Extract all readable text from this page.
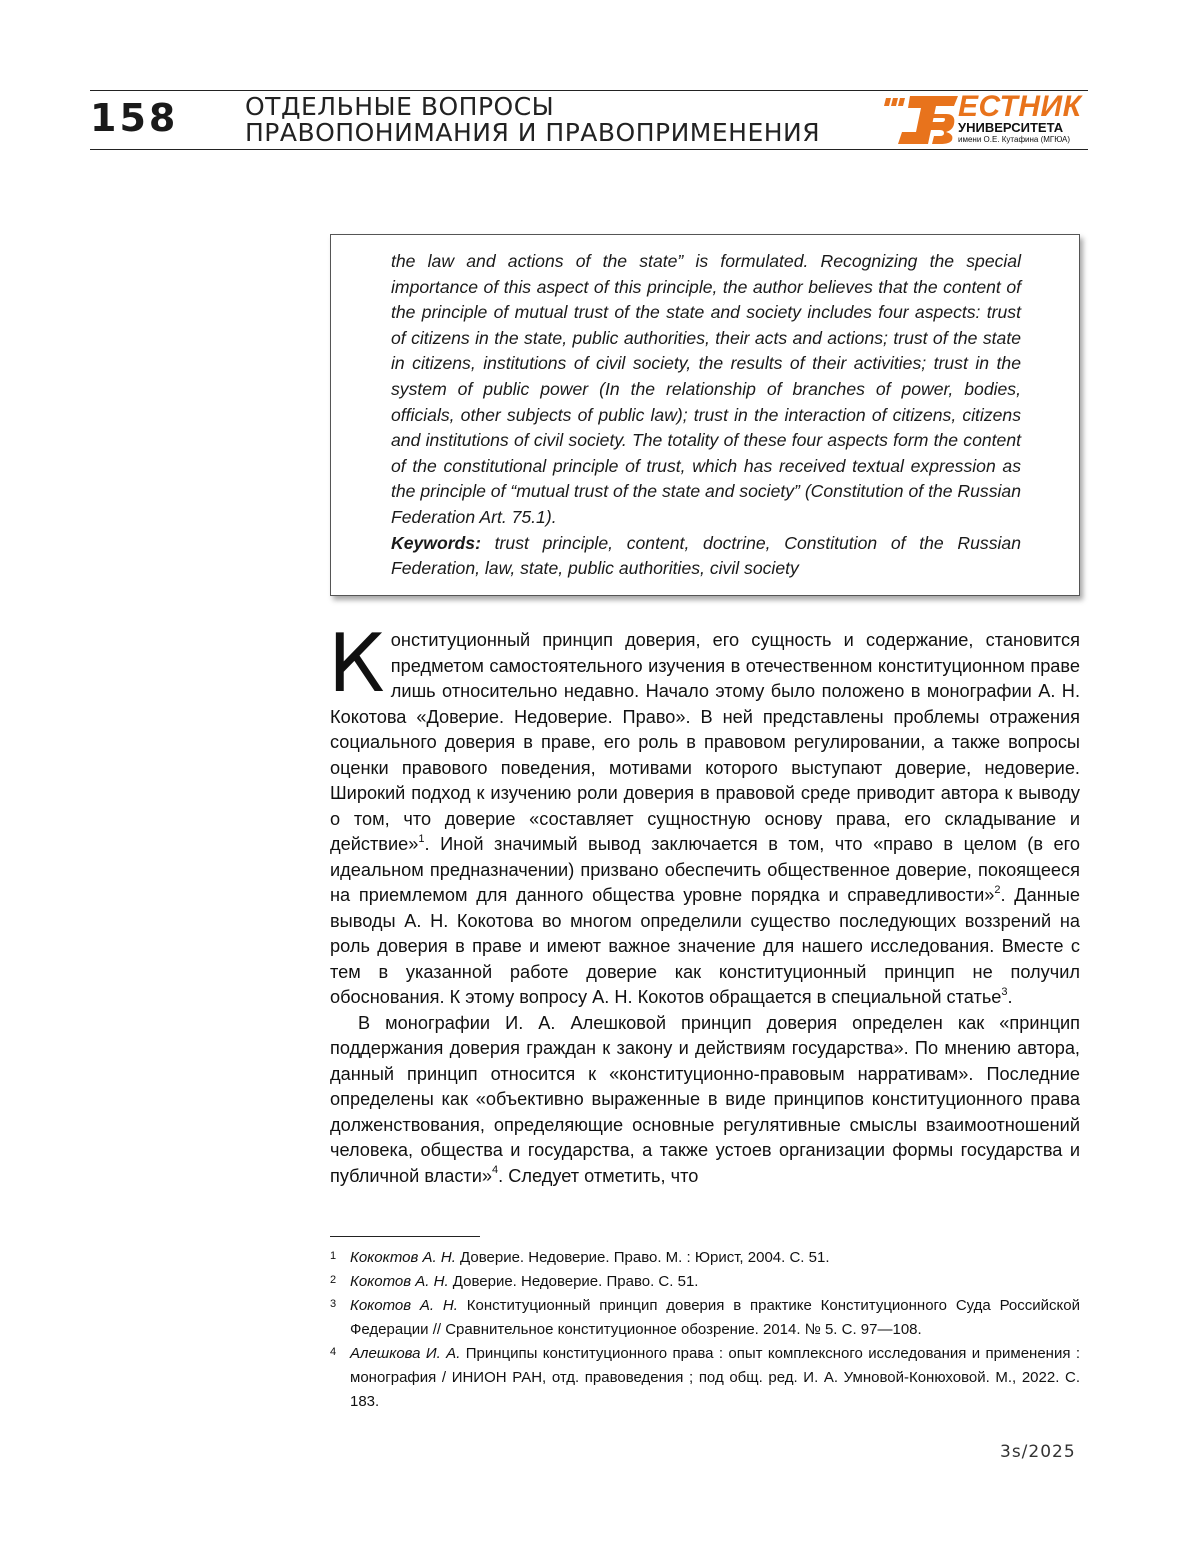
158	ОТДЕЛЬНЫЕ ВОПРОСЫ
ПРАВОПОНИМАНИЯ И ПРАВОПРИМЕНЕНИЯ
ЕСТНИК
УНИВЕРСИТЕТА
имени О.Е. Кутафина (МГЮА)

the law and actions of the state” is formulated. Recognizing the special importance of this aspect of this principle, the author believes that the content of the principle of mutual trust of the state and society includes four aspects: trust of citizens in the state, public authorities, their acts and actions; trust of the state in citizens, institutions of civil society, the results of their activities; trust in the system of public power (In the relationship of branches of power, bodies, officials, other subjects of public law); trust in the interaction of citizens, citizens and institutions of civil society. The totality of these four aspects form the content of the constitutional principle of trust, which has received textual expression as the principle of “mutual trust of the state and society” (Constitution of the Russian Federation Art. 75.1).
Keywords: trust principle, content, doctrine, Constitution of the Russian Federation, law, state, public authorities, civil society

Конституционный принцип доверия, его сущность и содержание, становится предметом самостоятельного изучения в отечественном конституционном праве лишь относительно недавно. Начало этому было положено в монографии А. Н. Кокотова «Доверие. Недоверие. Право». В ней представлены проблемы отражения социального доверия в праве, его роль в правовом регулировании, а также вопросы оценки правового поведения, мотивами которого выступают доверие, недоверие. Широкий подход к изучению роли доверия в правовой среде приводит автора к выводу о том, что доверие «составляет сущностную основу права, его складывание и действие»$^1$. Иной значимый вывод заключается в том, что «право в целом (в его идеальном предназначении) призвано обеспечить общественное доверие, покоящееся на приемлемом для данного общества уровне порядка и справедливости»$^2$. Данные выводы А. Н. Кокотова во многом определили существо последующих воззрений на роль доверия в праве и имеют важное значение для нашего исследования. Вместе с тем в указанной работе доверие как конституционный принцип не получил обоснования. К этому вопросу А. Н. Кокотов обращается в специальной статье$^3$.

В монографии И. А. Алешковой принцип доверия определен как «принцип поддержания доверия граждан к закону и действиям государства». По мнению автора, данный принцип относится к «конституционно-правовым нарративам». Последние определены как «объективно выраженные в виде принципов конституционного права долженствования, определяющие основные регулятивные смыслы взаимоотношений человека, общества и государства, а также устоев организации формы государства и публичной власти»$^4$. Следует отметить, что

1 Кококтов А. Н. Доверие. Недоверие. Право. М. : Юрист, 2004. С. 51.
2 Кокотов А. Н. Доверие. Недоверие. Право. С. 51.
3 Кокотов А. Н. Конституционный принцип доверия в практике Конституционного Суда Российской Федерации // Сравнительное конституционное обозрение. 2014. № 5. С. 97—108.
4 Алешкова И. А. Принципы конституционного права : опыт комплексного исследования и применения : монография / ИНИОН РАН, отд. правоведения ; под общ. ред. И. А. Умновой-Конюховой. М., 2022. С. 183.
3s/2025
